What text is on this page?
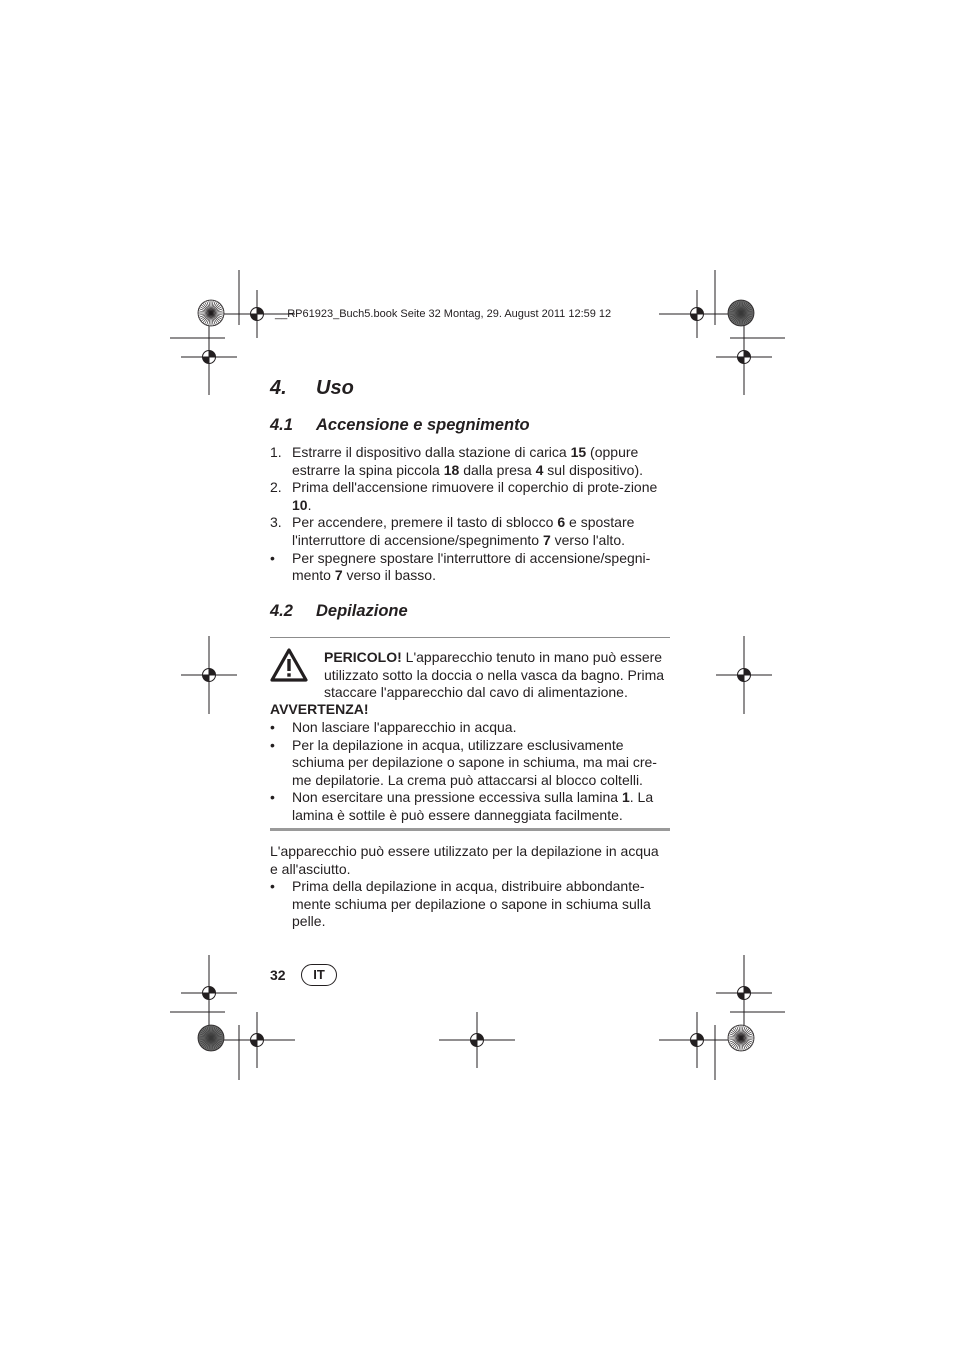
__RP61923_Buch5.book Seite 32 Montag, 29. August 2011 12:59 12
4. Uso
4.1 Accensione e spegnimento
1. Estrarre il dispositivo dalla stazione di carica 15 (oppure estrarre la spina piccola 18 dalla presa 4 sul dispositivo).
2. Prima dell'accensione rimuovere il coperchio di prote-zione 10.
3. Per accendere, premere il tasto di sblocco 6 e spostare l'interruttore di accensione/spegnimento 7 verso l'alto.
• Per spegnere spostare l'interruttore di accensione/spegni-mento 7 verso il basso.
4.2 Depilazione
PERICOLO! L'apparecchio tenuto in mano può essere utilizzato sotto la doccia o nella vasca da bagno. Prima staccare l'apparecchio dal cavo di alimentazione.
AVVERTENZA!
• Non lasciare l'apparecchio in acqua.
• Per la depilazione in acqua, utilizzare esclusivamente schiuma per depilazione o sapone in schiuma, ma mai cre-me depilatorie. La crema può attaccarsi al blocco coltelli.
• Non esercitare una pressione eccessiva sulla lamina 1. La lamina è sottile è può essere danneggiata facilmente.
L'apparecchio può essere utilizzato per la depilazione in acqua e all'asciutto.
• Prima della depilazione in acqua, distribuire abbondante-mente schiuma per depilazione o sapone in schiuma sulla pelle.
32	IT
